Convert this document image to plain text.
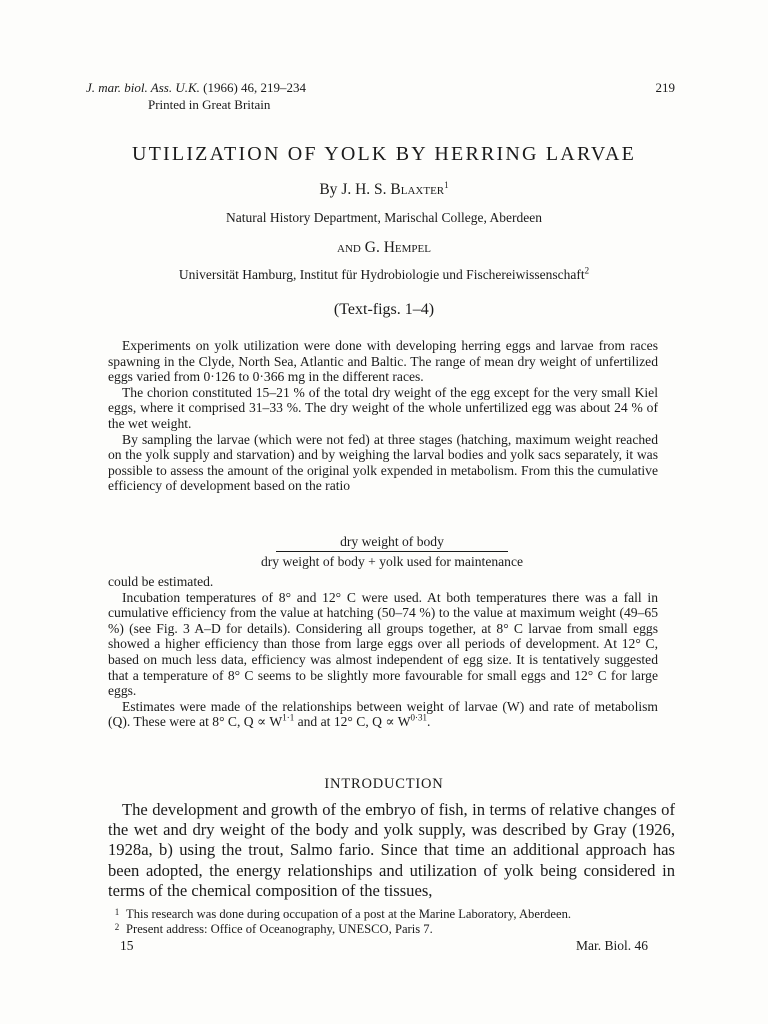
J. mar. biol. Ass. U.K. (1966) 46, 219–234
Printed in Great Britain
219
UTILIZATION OF YOLK BY HERRING LARVAE
By J. H. S. Blaxter$^1$
Natural History Department, Marischal College, Aberdeen
and G. Hempel
Universität Hamburg, Institut für Hydrobiologie und Fischereiwissenschaft$^2$
(Text-figs. 1–4)

Experiments on yolk utilization were done with developing herring eggs and larvae from races spawning in the Clyde, North Sea, Atlantic and Baltic. The range of mean dry weight of unfertilized eggs varied from 0·126 to 0·366 mg in the different races.

The chorion constituted 15–21 % of the total dry weight of the egg except for the very small Kiel eggs, where it comprised 31–33 %. The dry weight of the whole unfertilized egg was about 24 % of the wet weight.

By sampling the larvae (which were not fed) at three stages (hatching, maximum weight reached on the yolk supply and starvation) and by weighing the larval bodies and yolk sacs separately, it was possible to assess the amount of the original yolk expended in metabolism. From this the cumulative efficiency of development based on the ratio

dry weight of body
dry weight of body + yolk used for maintenance

could be estimated.

Incubation temperatures of 8° and 12° C were used. At both temperatures there was a fall in cumulative efficiency from the value at hatching (50–74 %) to the value at maximum weight (49–65 %) (see Fig. 3 A–D for details). Considering all groups together, at 8° C larvae from small eggs showed a higher efficiency than those from large eggs over all periods of development. At 12° C, based on much less data, efficiency was almost independent of egg size. It is tentatively suggested that a temperature of 8° C seems to be slightly more favourable for small eggs and 12° C for large eggs.

Estimates were made of the relationships between weight of larvae (W) and rate of metabolism (Q). These were at 8° C, $Q \propto W^{1\cdot 1}$ and at 12° C, $Q \propto W^{0\cdot 31}$.

INTRODUCTION

The development and growth of the embryo of fish, in terms of relative changes of the wet and dry weight of the body and yolk supply, was described by Gray (1926, 1928a, b) using the trout, Salmo fario. Since that time an additional approach has been adopted, the energy relationships and utilization of yolk being considered in terms of the chemical composition of the tissues,

1 This research was done during occupation of a post at the Marine Laboratory, Aberdeen.
2 Present address: Office of Oceanography, UNESCO, Paris 7.
15	Mar. Biol. 46
